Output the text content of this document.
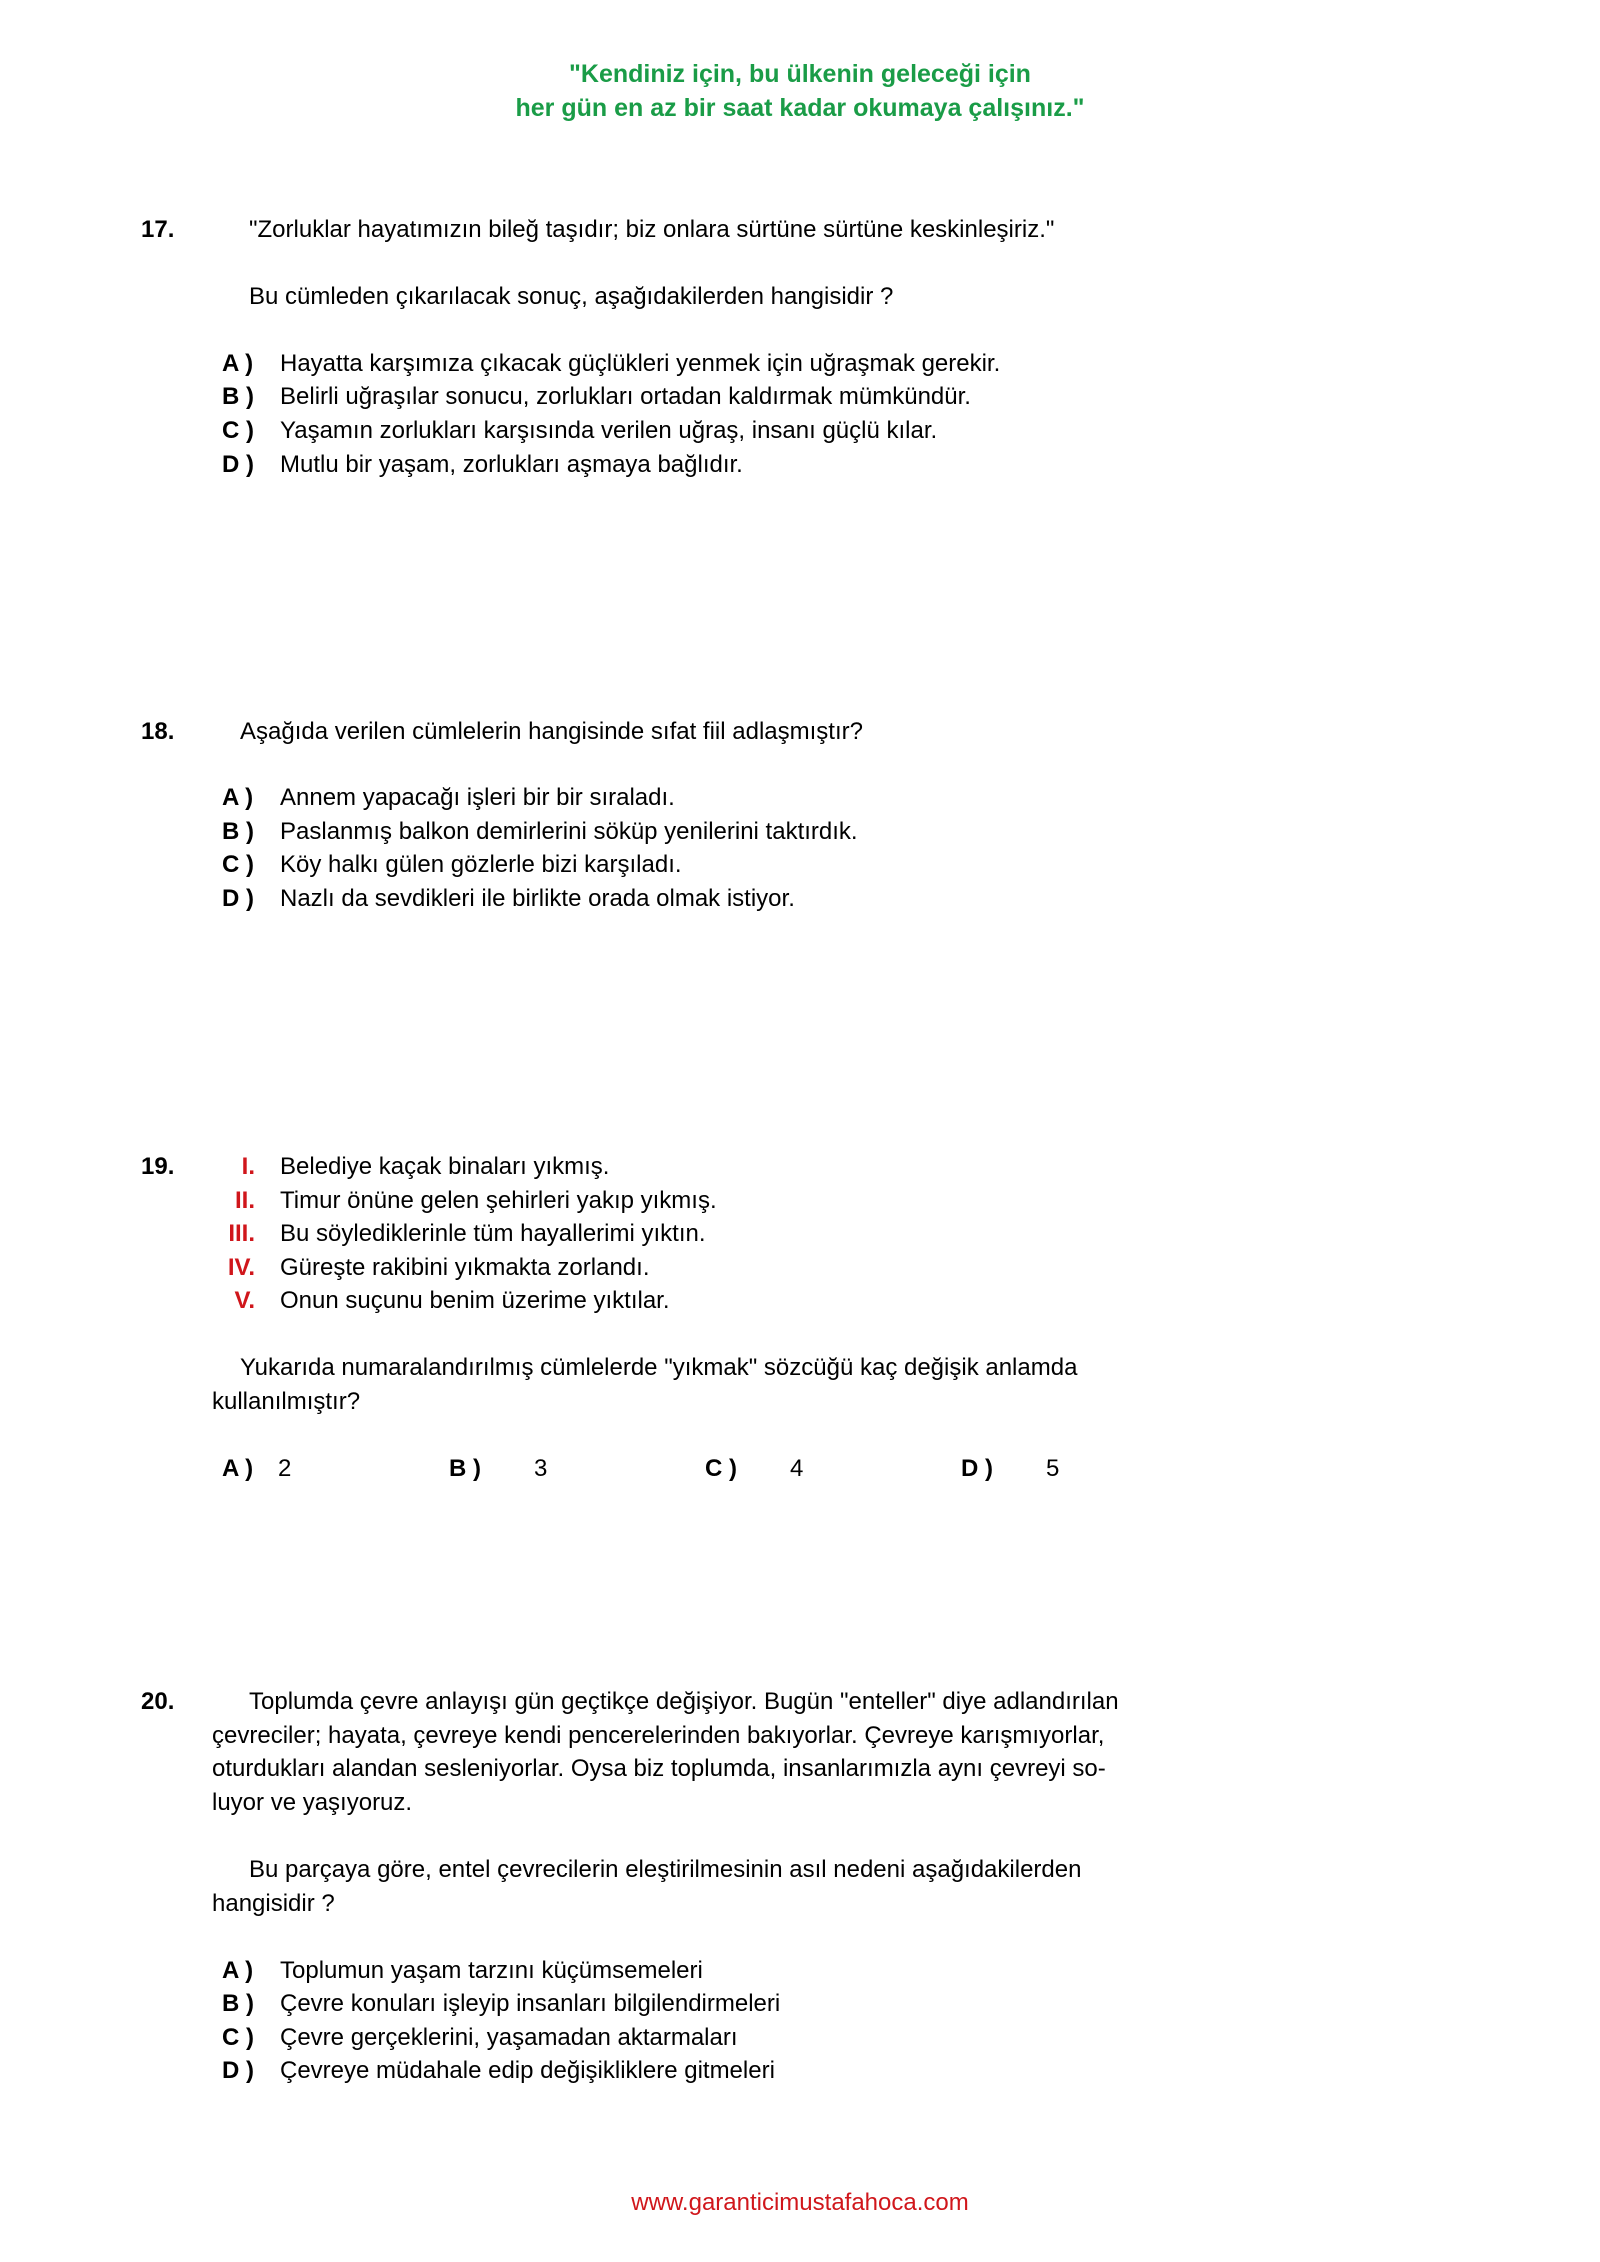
"Kendiniz için, bu ülkenin geleceği için
her gün en az bir saat kadar okumaya çalışınız."
17.	"Zorluklar hayatımızın bileğ taşıdır; biz onlara sürtüne sürtüne keskinleşiriz."
Bu cümleden çıkarılacak sonuç, aşağıdakilerden hangisidir ?
A ) Hayatta karşımıza çıkacak güçlükleri yenmek için uğraşmak gerekir.
B ) Belirli uğraşılar sonucu, zorlukları ortadan kaldırmak mümkündür.
C ) Yaşamın zorlukları karşısında verilen uğraş, insanı güçlü kılar.
D ) Mutlu bir yaşam, zorlukları aşmaya bağlıdır.
18.	Aşağıda verilen cümlelerin hangisinde sıfat fiil adlaşmıştır?
A ) Annem yapacağı işleri bir bir sıraladı.
B ) Paslanmış balkon demirlerini söküp yenilerini taktırdık.
C ) Köy halkı gülen gözlerle bizi karşıladı.
D ) Nazlı da sevdikleri ile birlikte orada olmak istiyor.
19.	I. Belediye kaçak binaları yıkmış.
II. Timur önüne gelen şehirleri yakıp yıkmış.
III. Bu söylediklerinle tüm hayallerimi yıktın.
IV. Güreşte rakibini yıkmakta zorlandı.
V. Onun suçunu benim üzerime yıktılar.
Yukarıda numaralandırılmış cümlelerde "yıkmak" sözcüğü kaç değişik anlamda
kullanılmıştır?
A ) 2	B ) 3	C ) 4	D ) 5
20.	Toplumda çevre anlayışı gün geçtikçe değişiyor. Bugün "enteller" diye adlandırılan
çevreciler; hayata, çevreye kendi pencerelerinden bakıyorlar. Çevreye karışmıyorlar,
oturdukları alandan sesleniyorlar. Oysa biz toplumda, insanlarımızla aynı çevreyi so-
luyor ve yaşıyoruz.
Bu parçaya göre, entel çevrecilerin eleştirilmesinin asıl nedeni aşağıdakilerden
hangisidir ?
A ) Toplumun yaşam tarzını küçümsemeleri
B ) Çevre konuları işleyip insanları bilgilendirmeleri
C ) Çevre gerçeklerini, yaşamadan aktarmaları
D ) Çevreye müdahale edip değişikliklere gitmeleri
www.garanticimustafahoca.com
